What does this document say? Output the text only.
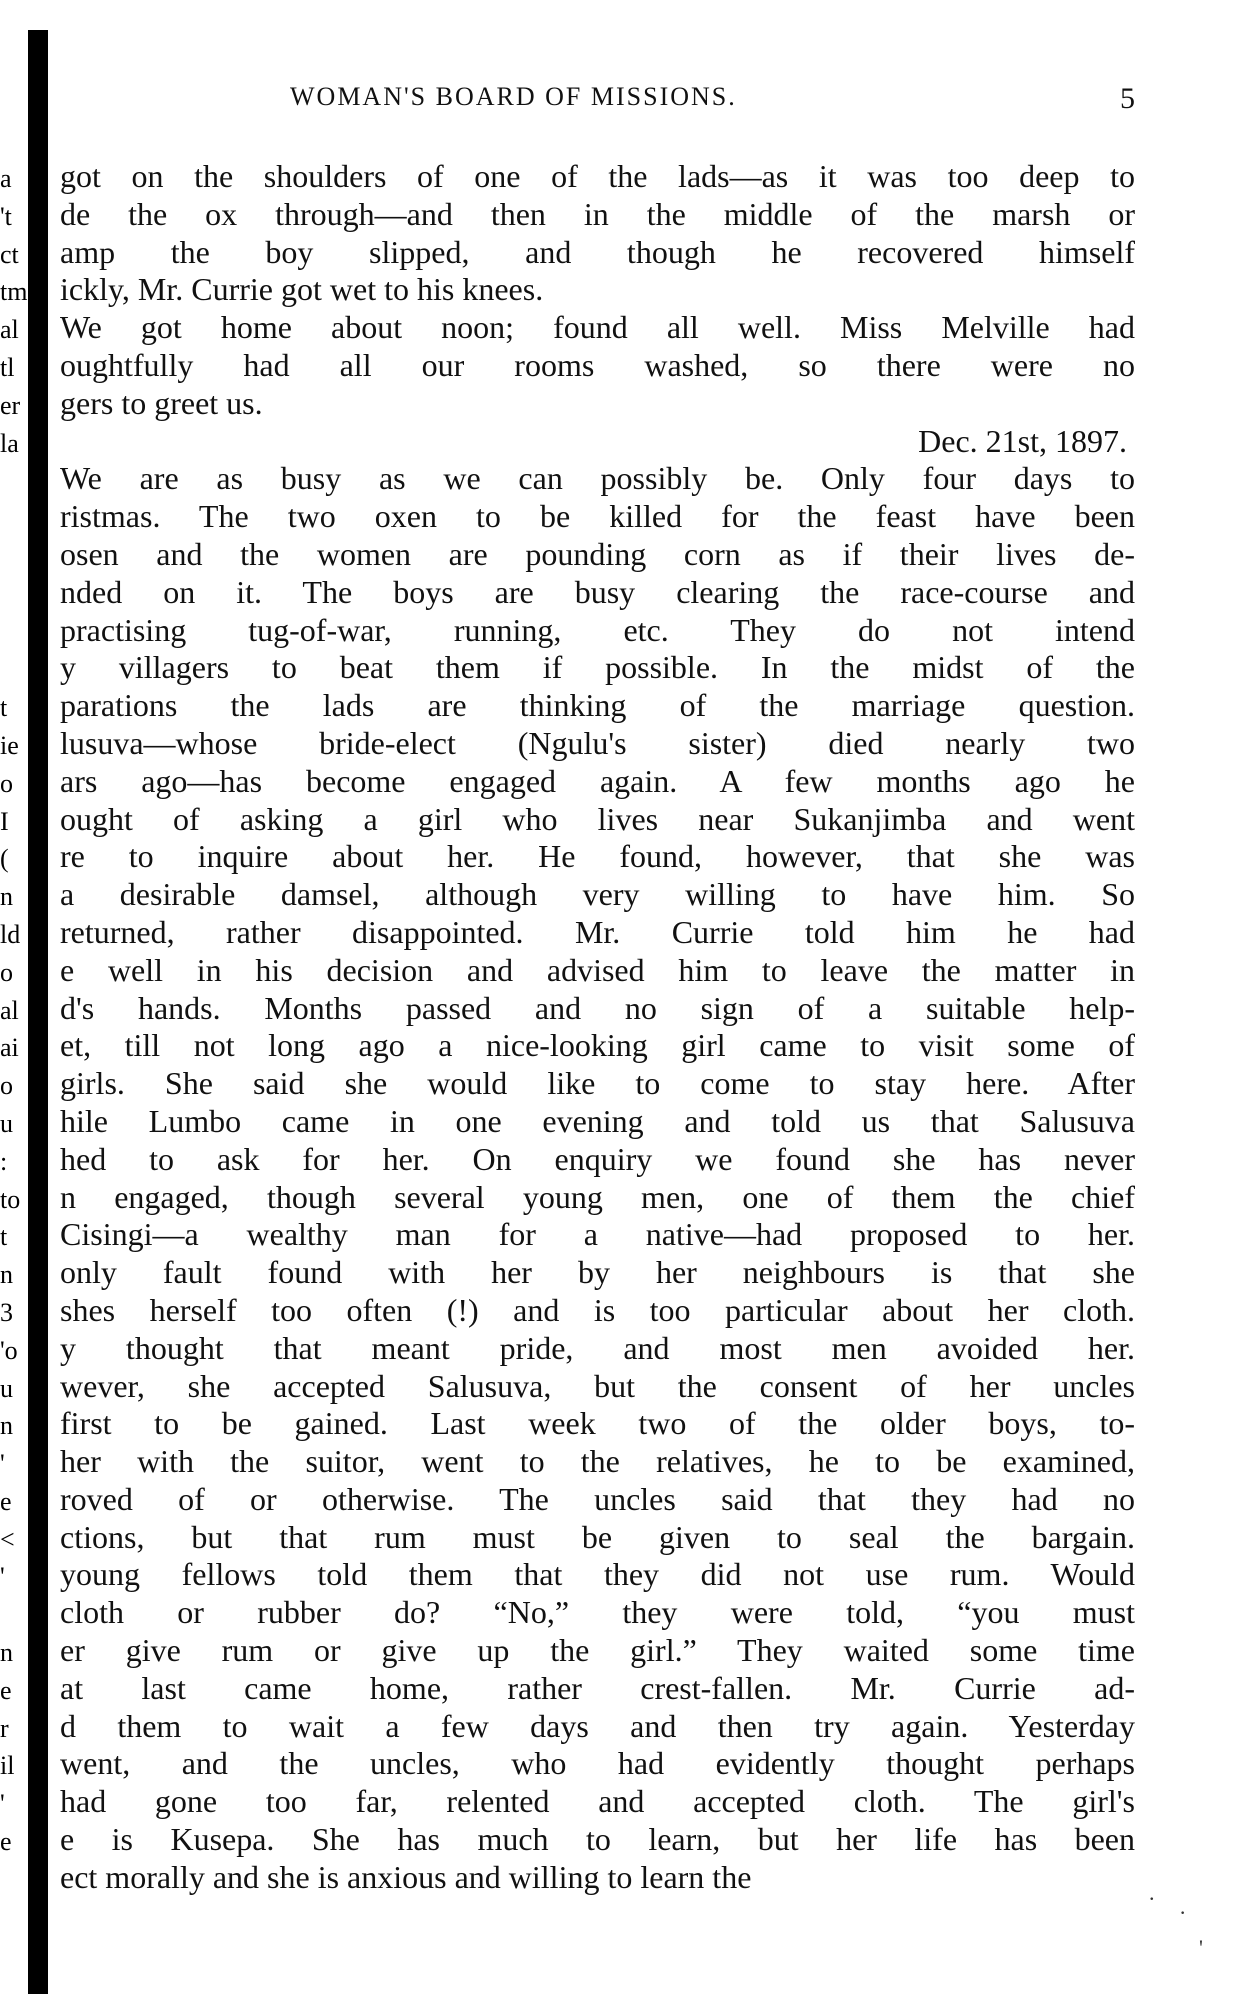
a
't
ct
tm
al
tl
er
la
t
ie
o
I
(
n
ld
o
al
ai
o
u
:
to
t
n
3
'o
u
n
'
e
<
'
n
e
r
il
'
e
WOMAN'S BOARD OF MISSIONS.	5
got on the shoulders of one of the lads—as it was too deep to
de the ox through—and then in the middle of the marsh or
amp the boy slipped, and though he recovered himself
ickly, Mr. Currie got wet to his knees.
We got home about noon; found all well. Miss Melville had
oughtfully had all our rooms washed, so there were no
gers to greet us.
Dec. 21st, 1897.
We are as busy as we can possibly be. Only four days to
ristmas. The two oxen to be killed for the feast have been
osen and the women are pounding corn as if their lives de-
nded on it. The boys are busy clearing the race-course and
practising tug-of-war, running, etc. They do not intend
y villagers to beat them if possible. In the midst of the
parations the lads are thinking of the marriage question.
lusuva—whose bride-elect (Ngulu's sister) died nearly two
ars ago—has become engaged again. A few months ago he
ought of asking a girl who lives near Sukanjimba and went
re to inquire about her. He found, however, that she was
a desirable damsel, although very willing to have him. So
returned, rather disappointed. Mr. Currie told him he had
e well in his decision and advised him to leave the matter in
d's hands. Months passed and no sign of a suitable help-
et, till not long ago a nice-looking girl came to visit some of
girls. She said she would like to come to stay here. After
hile Lumbo came in one evening and told us that Salusuva
hed to ask for her. On enquiry we found she has never
n engaged, though several young men, one of them the chief
Cisingi—a wealthy man for a native—had proposed to her.
only fault found with her by her neighbours is that she
shes herself too often (!) and is too particular about her cloth.
y thought that meant pride, and most men avoided her.
wever, she accepted Salusuva, but the consent of her uncles
first to be gained. Last week two of the older boys, to-
her with the suitor, went to the relatives, he to be examined,
roved of or otherwise. The uncles said that they had no
ctions, but that rum must be given to seal the bargain.
young fellows told them that they did not use rum. Would
cloth or rubber do? “No,” they were told, “you must
er give rum or give up the girl.” They waited some time
at last came home, rather crest-fallen. Mr. Currie ad-
d them to wait a few days and then try again. Yesterday
went, and the uncles, who had evidently thought perhaps
had gone too far, relented and accepted cloth. The girl's
e is Kusepa. She has much to learn, but her life has been
ect morally and she is anxious and willing to learn the	.
·
'
